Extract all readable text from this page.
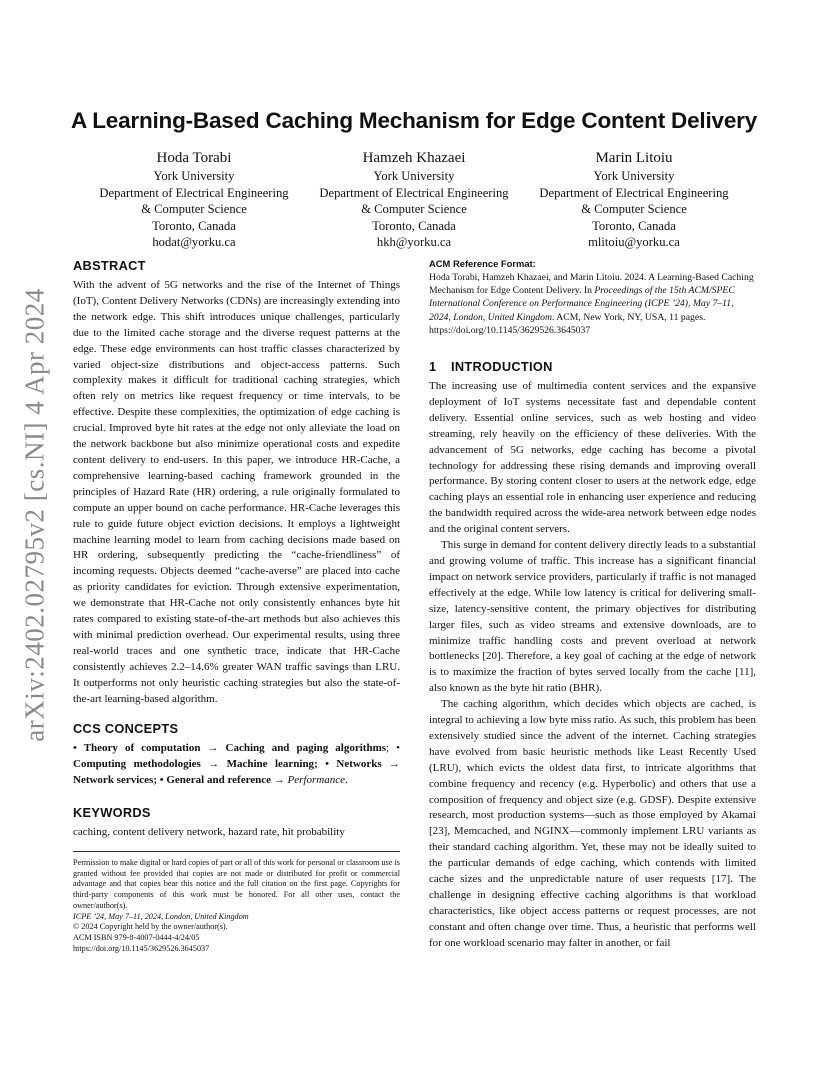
arXiv:2402.02795v2 [cs.NI] 4 Apr 2024
A Learning-Based Caching Mechanism for Edge Content Delivery
Hoda Torabi
York University
Department of Electrical Engineering
& Computer Science
Toronto, Canada
hodat@yorku.ca
Hamzeh Khazaei
York University
Department of Electrical Engineering
& Computer Science
Toronto, Canada
hkh@yorku.ca
Marin Litoiu
York University
Department of Electrical Engineering
& Computer Science
Toronto, Canada
mlitoiu@yorku.ca
ABSTRACT

With the advent of 5G networks and the rise of the Internet of Things (IoT), Content Delivery Networks (CDNs) are increasingly extending into the network edge. This shift introduces unique challenges, particularly due to the limited cache storage and the diverse request patterns at the edge. These edge environments can host traffic classes characterized by varied object-size distributions and object-access patterns. Such complexity makes it difficult for traditional caching strategies, which often rely on metrics like request frequency or time intervals, to be effective. Despite these complexities, the optimization of edge caching is crucial. Improved byte hit rates at the edge not only alleviate the load on the network backbone but also minimize operational costs and expedite content delivery to end-users. In this paper, we introduce HR-Cache, a comprehensive learning-based caching framework grounded in the principles of Hazard Rate (HR) ordering, a rule originally formulated to compute an upper bound on cache performance. HR-Cache leverages this rule to guide future object eviction decisions. It employs a lightweight machine learning model to learn from caching decisions made based on HR ordering, subsequently predicting the “cache-friendliness” of incoming requests. Objects deemed “cache-averse” are placed into cache as priority candidates for eviction. Through extensive experimentation, we demonstrate that HR-Cache not only consistently enhances byte hit rates compared to existing state-of-the-art methods but also achieves this with minimal prediction overhead. Our experimental results, using three real-world traces and one synthetic trace, indicate that HR-Cache consistently achieves 2.2–14.6% greater WAN traffic savings than LRU. It outperforms not only heuristic caching strategies but also the state-of-the-art learning-based algorithm.

CCS CONCEPTS

• Theory of computation → Caching and paging algorithms; • Computing methodologies → Machine learning; • Networks → Network services; • General and reference → Performance.

KEYWORDS

caching, content delivery network, hazard rate, hit probability

Permission to make digital or hard copies of part or all of this work for personal or classroom use is granted without fee provided that copies are not made or distributed for profit or commercial advantage and that copies bear this notice and the full citation on the first page. Copyrights for third-party components of this work must be honored. For all other uses, contact the owner/author(s).
ICPE ’24, May 7–11, 2024, London, United Kingdom
© 2024 Copyright held by the owner/author(s).
ACM ISBN 979-8-4007-0444-4/24/05
https://doi.org/10.1145/3629526.3645037
ACM Reference Format:
Hoda Torabi, Hamzeh Khazaei, and Marin Litoiu. 2024. A Learning-Based Caching Mechanism for Edge Content Delivery. In Proceedings of the 15th ACM/SPEC International Conference on Performance Engineering (ICPE ’24), May 7–11, 2024, London, United Kingdom. ACM, New York, NY, USA, 11 pages. https://doi.org/10.1145/3629526.3645037
1 INTRODUCTION

The increasing use of multimedia content services and the expansive deployment of IoT systems necessitate fast and dependable content delivery. Essential online services, such as web hosting and video streaming, rely heavily on the efficiency of these deliveries. With the advancement of 5G networks, edge caching has become a pivotal technology for addressing these rising demands and improving overall performance. By storing content closer to users at the network edge, edge caching plays an essential role in enhancing user experience and reducing the bandwidth required across the wide-area network between edge nodes and the original content servers.

This surge in demand for content delivery directly leads to a substantial and growing volume of traffic. This increase has a significant financial impact on network service providers, particularly if traffic is not managed effectively at the edge. While low latency is critical for delivering small-size, latency-sensitive content, the primary objectives for distributing larger files, such as video streams and extensive downloads, are to minimize traffic handling costs and prevent overload at network bottlenecks [20]. Therefore, a key goal of caching at the edge of network is to maximize the fraction of bytes served locally from the cache [11], also known as the byte hit ratio (BHR).

The caching algorithm, which decides which objects are cached, is integral to achieving a low byte miss ratio. As such, this problem has been extensively studied since the advent of the internet. Caching strategies have evolved from basic heuristic methods like Least Recently Used (LRU), which evicts the oldest data first, to intricate algorithms that combine frequency and recency (e.g. Hyperbolic) and others that use a composition of frequency and object size (e.g. GDSF). Despite extensive research, most production systems—such as those employed by Akamai [23], Memcached, and NGINX—commonly implement LRU variants as their standard caching algorithm. Yet, these may not be ideally suited to the particular demands of edge caching, which contends with limited cache sizes and the unpredictable nature of user requests [17]. The challenge in designing effective caching algorithms is that workload characteristics, like object access patterns or request processes, are not constant and often change over time. Thus, a heuristic that performs well for one workload scenario may falter in another, or fail
